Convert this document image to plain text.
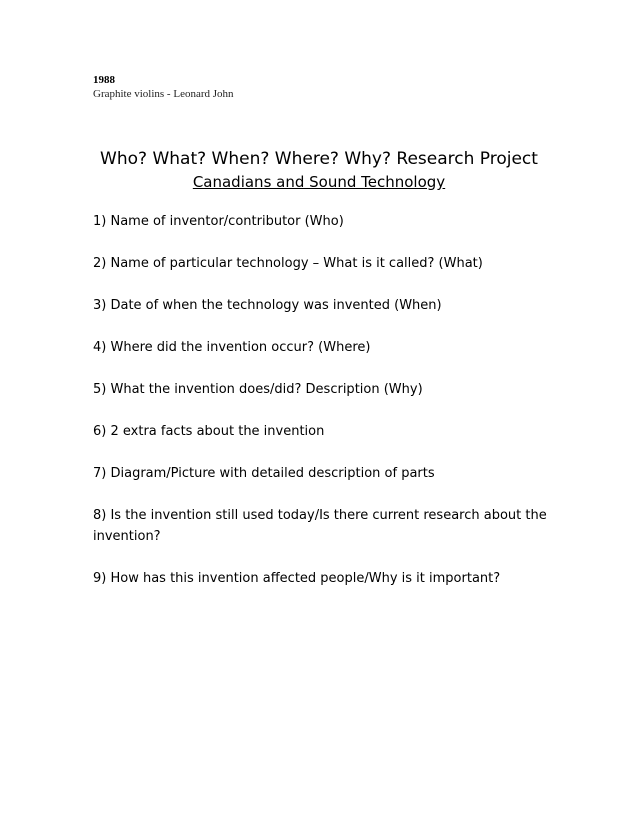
1988
Graphite violins - Leonard John
Who? What? When? Where? Why? Research Project
Canadians and Sound Technology
1) Name of inventor/contributor (Who)
2) Name of particular technology – What is it called? (What)
3) Date of when the technology was invented (When)
4) Where did the invention occur? (Where)
5) What the invention does/did? Description (Why)
6) 2 extra facts about the invention
7) Diagram/Picture with detailed description of parts
8) Is the invention still used today/Is there current research about the invention?
9) How has this invention affected people/Why is it important?
